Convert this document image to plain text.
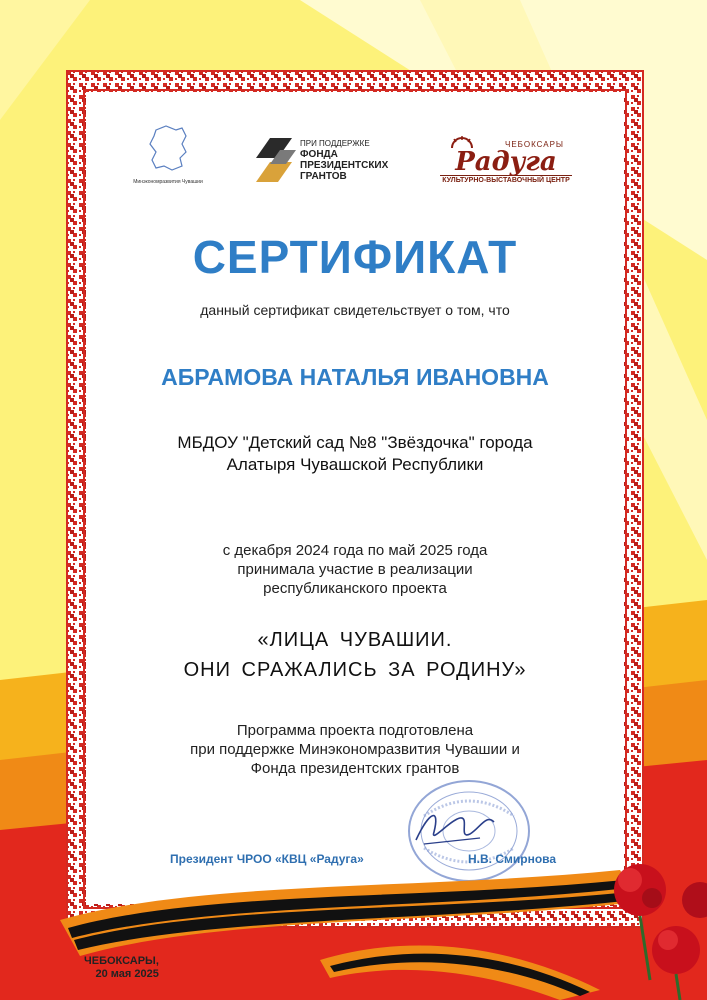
Минэкономразвития Чувашии
ПРИ ПОДДЕРЖКЕ
ФОНДА
ПРЕЗИДЕНТСКИХ
ГРАНТОВ
ЧЕБОКСАРЫ
Радуга
КУЛЬТУРНО-ВЫСТАВОЧНЫЙ ЦЕНТР
СЕРТИФИКАТ
данный сертификат свидетельствует о том, что
АБРАМОВА НАТАЛЬЯ ИВАНОВНА
МБДОУ "Детский сад №8 "Звёздочка" города
Алатыря Чувашской Республики
с декабря 2024 года по май 2025 года
принимала участие в реализации
республиканского проекта
«ЛИЦА ЧУВАШИИ.
ОНИ СРАЖАЛИСЬ ЗА РОДИНУ»
Программа проекта подготовлена
при поддержке Минэкономразвития Чувашии и
Фонда президентских грантов
Президент ЧРОО «КВЦ «Радуга»	Н.В. Смирнова
ЧЕБОКСАРЫ,
20 мая 2025
